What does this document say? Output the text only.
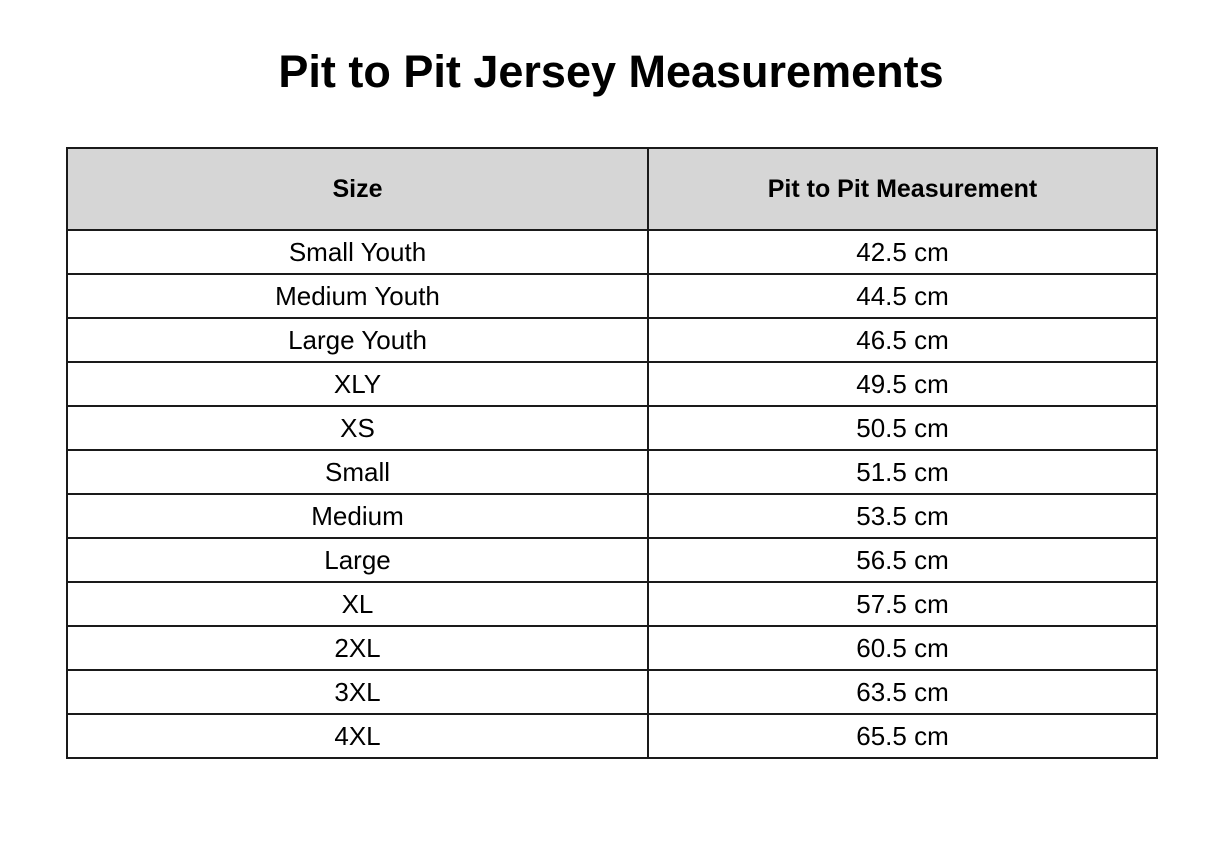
Pit to Pit Jersey Measurements
Size	Pit to Pit Measurement
Small Youth	42.5 cm
Medium Youth	44.5 cm
Large Youth	46.5 cm
XLY	49.5 cm
XS	50.5 cm
Small	51.5 cm
Medium	53.5 cm
Large	56.5 cm
XL	57.5 cm
2XL	60.5 cm
3XL	63.5 cm
4XL	65.5 cm
